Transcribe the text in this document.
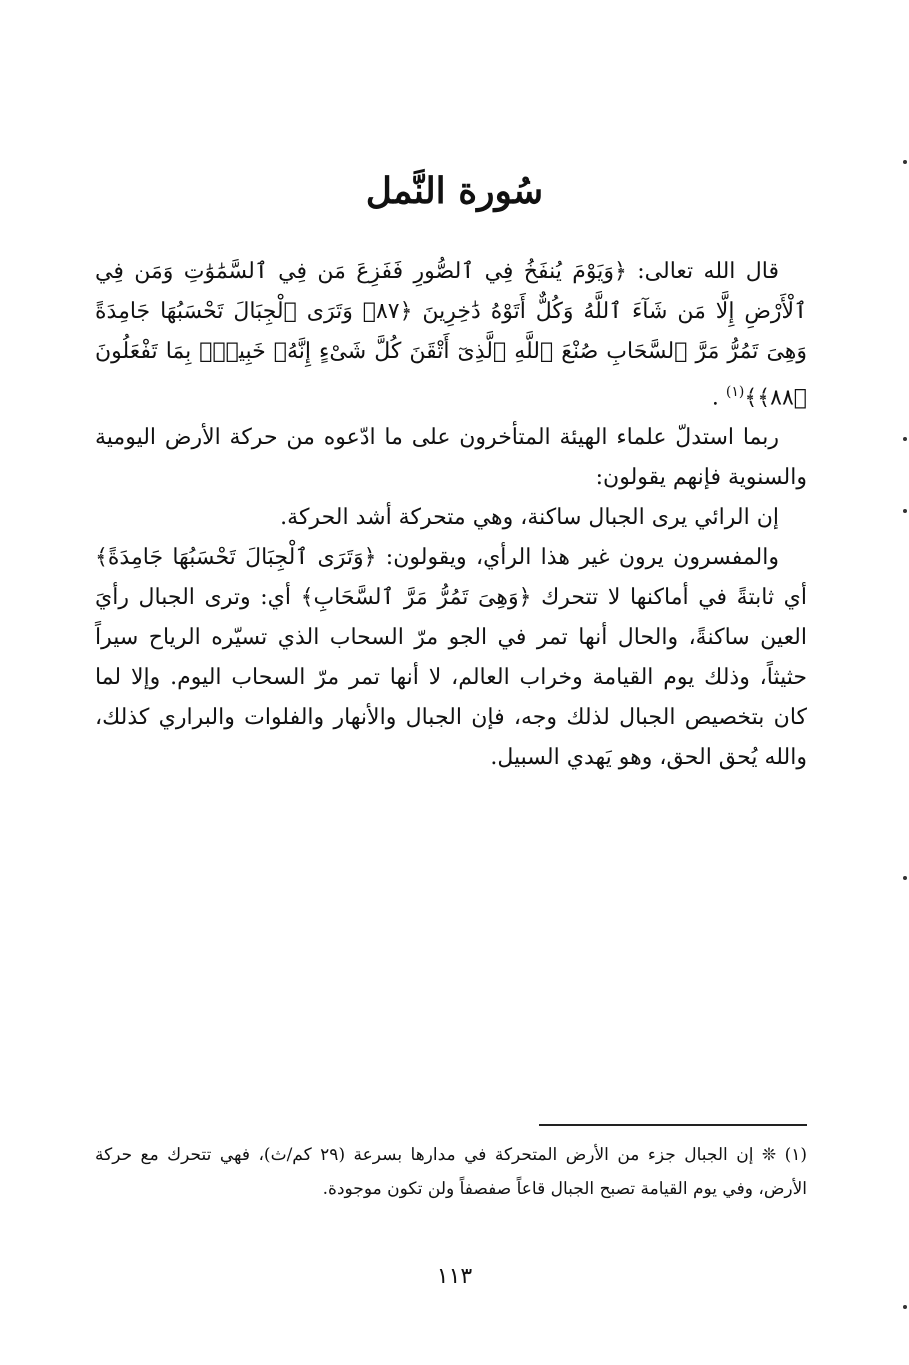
سُورة النَّمل

قال الله تعالى: ﴿وَيَوْمَ يُنفَخُ فِي ٱلصُّورِ فَفَزِعَ مَن فِي ٱلسَّمَٰوَٰتِ وَمَن فِي ٱلْأَرْضِ إِلَّا مَن شَآءَ ٱللَّهُ وَكُلٌّ أَتَوْهُ دَٰخِرِينَ ﴿٨٧﴾ وَتَرَى ٱلْجِبَالَ تَحْسَبُهَا جَامِدَةً وَهِىَ تَمُرُّ مَرَّ ٱلسَّحَابِ صُنْعَ ٱللَّهِ ٱلَّذِىٓ أَتْقَنَ كُلَّ شَىْءٍ إِنَّهُۥ خَبِيرٌۢ بِمَا تَفْعَلُونَ ﴿٨٨﴾﴾$^{(١)}$ .

ربما استدلّ علماء الهيئة المتأخرون على ما ادّعوه من حركة الأرض اليومية والسنوية فإنهم يقولون:

إن الرائي يرى الجبال ساكنة، وهي متحركة أشد الحركة.

والمفسرون يرون غير هذا الرأي، ويقولون: ﴿وَتَرَى ٱلْجِبَالَ تَحْسَبُهَا جَامِدَةً﴾ أي ثابتةً في أماكنها لا تتحرك ﴿وَهِىَ تَمُرُّ مَرَّ ٱلسَّحَابِ﴾ أي: وترى الجبال رأيَ العين ساكنةً، والحال أنها تمر في الجو مرّ السحاب الذي تسيّره الرياح سيراً حثيثاً، وذلك يوم القيامة وخراب العالم، لا أنها تمر مرّ السحاب اليوم. وإلا لما كان بتخصيص الجبال لذلك وجه، فإن الجبال والأنهار والفلوات والبراري كذلك، والله يُحق الحق، وهو يَهدي السبيل.

(١) ❊ إن الجبال جزء من الأرض المتحركة في مدارها بسرعة (٢٩ كم/ث)، فهي تتحرك مع حركة الأرض، وفي يوم القيامة تصبح الجبال قاعاً صفصفاً ولن تكون موجودة.

١١٣
